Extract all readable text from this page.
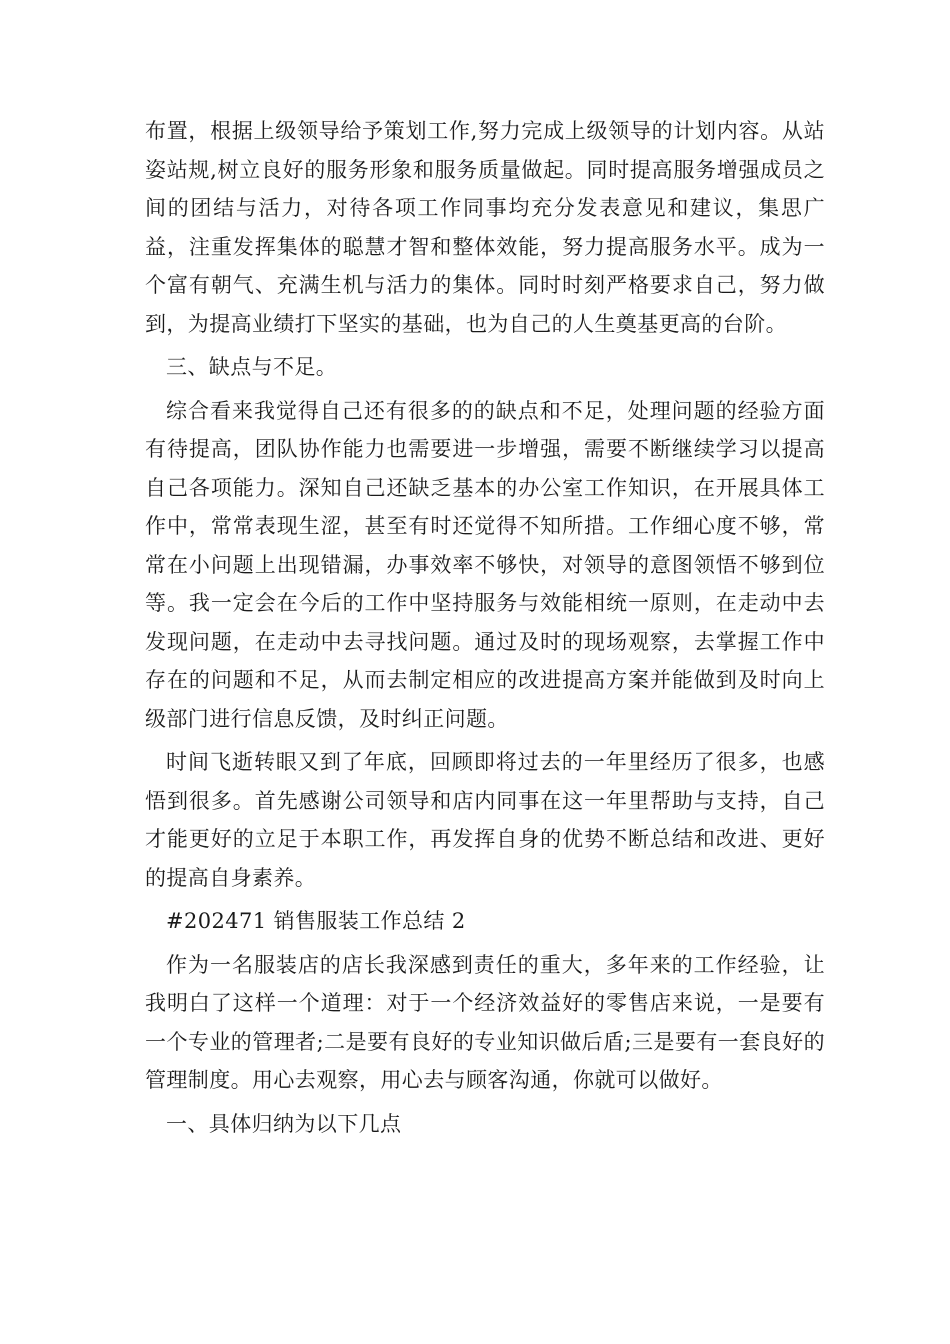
布置，根据上级领导给予策划工作,努力完成上级领导的计划内容。从站姿站规,树立良好的服务形象和服务质量做起。同时提高服务增强成员之间的团结与活力，对待各项工作同事均充分发表意见和建议，集思广益，注重发挥集体的聪慧才智和整体效能，努力提高服务水平。成为一个富有朝气、充满生机与活力的集体。同时时刻严格要求自己，努力做到，为提高业绩打下坚实的基础，也为自己的人生奠基更高的台阶。

三、缺点与不足。

综合看来我觉得自己还有很多的的缺点和不足，处理问题的经验方面有待提高，团队协作能力也需要进一步增强，需要不断继续学习以提高自己各项能力。深知自己还缺乏基本的办公室工作知识，在开展具体工作中，常常表现生涩，甚至有时还觉得不知所措。工作细心度不够，常常在小问题上出现错漏，办事效率不够快，对领导的意图领悟不够到位等。我一定会在今后的工作中坚持服务与效能相统一原则，在走动中去发现问题，在走动中去寻找问题。通过及时的现场观察，去掌握工作中存在的问题和不足，从而去制定相应的改进提高方案并能做到及时向上级部门进行信息反馈，及时纠正问题。

时间飞逝转眼又到了年底，回顾即将过去的一年里经历了很多，也感悟到很多。首先感谢公司领导和店内同事在这一年里帮助与支持，自己才能更好的立足于本职工作，再发挥自身的优势不断总结和改进、更好的提高自身素养。

#202471 销售服装工作总结 2

作为一名服装店的店长我深感到责任的重大，多年来的工作经验，让我明白了这样一个道理：对于一个经济效益好的零售店来说，一是要有一个专业的管理者;二是要有良好的专业知识做后盾;三是要有一套良好的管理制度。用心去观察，用心去与顾客沟通，你就可以做好。

一、具体归纳为以下几点
